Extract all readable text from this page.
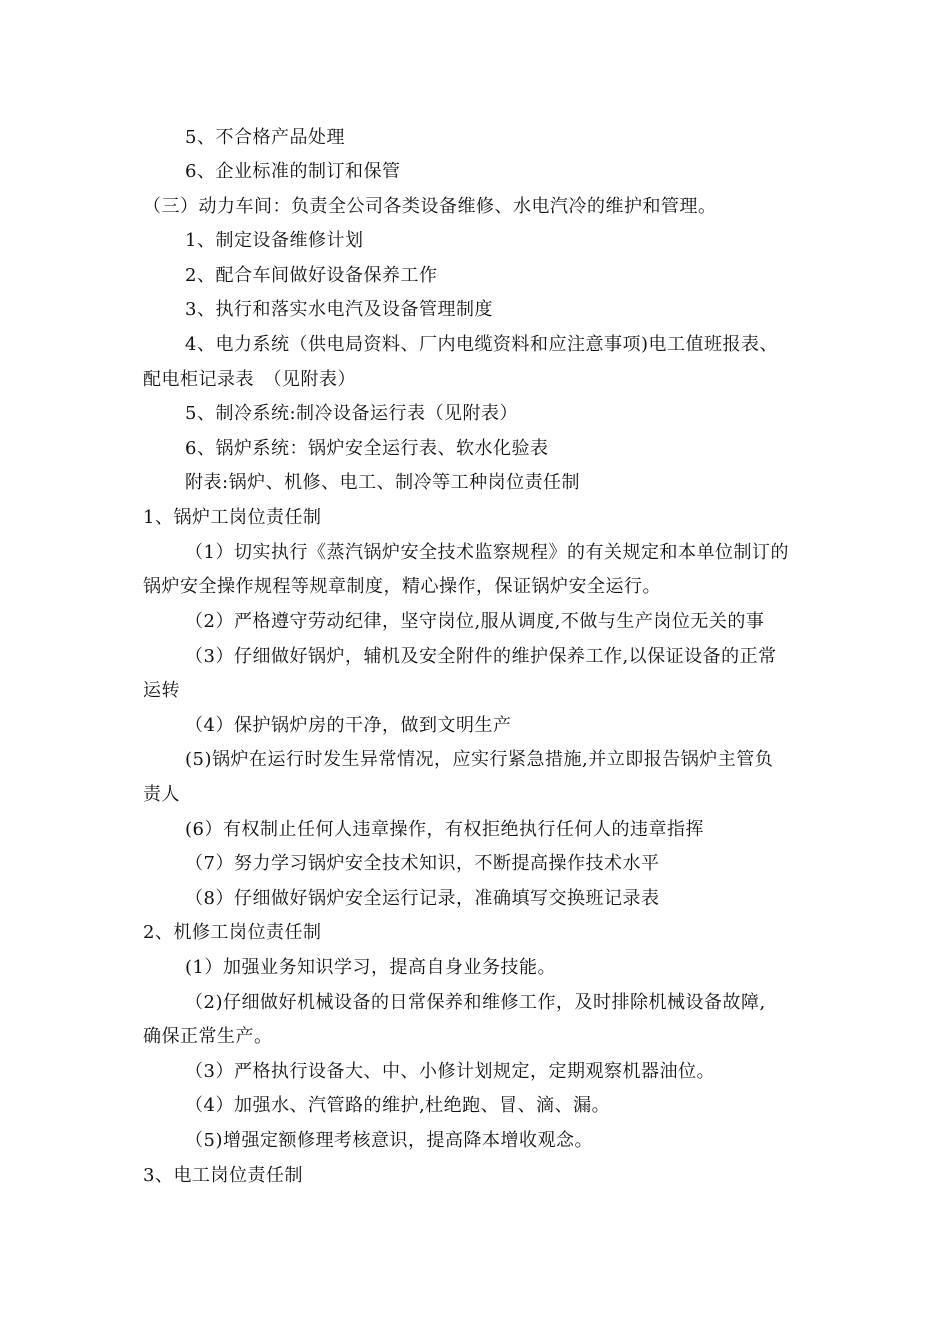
5、不合格产品处理
6、企业标准的制订和保管
（三）动力车间：负责全公司各类设备维修、水电汽冷的维护和管理。
1、制定设备维修计划
2、配合车间做好设备保养工作
3、执行和落实水电汽及设备管理制度
4、电力系统（供电局资料、厂内电缆资料和应注意事项)电工值班报表、
配电柜记录表　（见附表）
5、制冷系统:制冷设备运行表（见附表）
6、锅炉系统：锅炉安全运行表、软水化验表
附表:锅炉、机修、电工、制冷等工种岗位责任制
1、锅炉工岗位责任制
（1）切实执行《蒸汽锅炉安全技术监察规程》的有关规定和本单位制订的
锅炉安全操作规程等规章制度，精心操作，保证锅炉安全运行。
（2）严格遵守劳动纪律，坚守岗位,服从调度,不做与生产岗位无关的事
（3）仔细做好锅炉，辅机及安全附件的维护保养工作,以保证设备的正常
运转
（4）保护锅炉房的干净，做到文明生产
(5)锅炉在运行时发生异常情况，应实行紧急措施,并立即报告锅炉主管负
责人
(6）有权制止任何人违章操作，有权拒绝执行任何人的违章指挥
（7）努力学习锅炉安全技术知识，不断提高操作技术水平
（8）仔细做好锅炉安全运行记录，准确填写交换班记录表
2、机修工岗位责任制
(1）加强业务知识学习，提高自身业务技能。
（2)仔细做好机械设备的日常保养和维修工作，及时排除机械设备故障,
确保正常生产。
（3）严格执行设备大、中、小修计划规定，定期观察机器油位。
（4）加强水、汽管路的维护,杜绝跑、冒、滴、漏。
（5)增强定额修理考核意识，提高降本增收观念。
3、电工岗位责任制
